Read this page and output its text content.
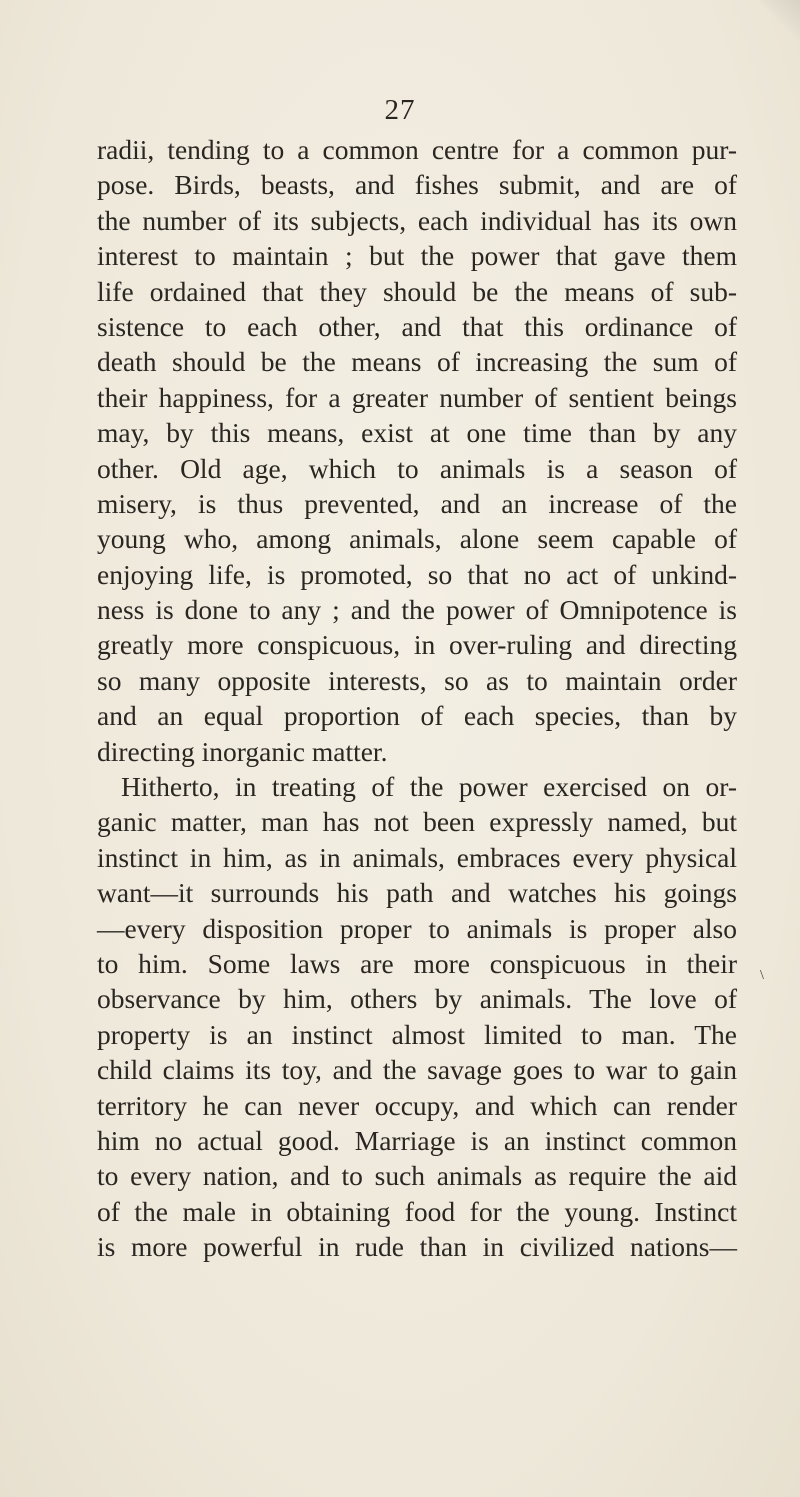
27
radii, tending to a common centre for a common pur-
pose. Birds, beasts, and fishes submit, and are of
the number of its subjects, each individual has its own
interest to maintain ; but the power that gave them
life ordained that they should be the means of sub-
sistence to each other, and that this ordinance of
death should be the means of increasing the sum of
their happiness, for a greater number of sentient beings
may, by this means, exist at one time than by any
other. Old age, which to animals is a season of
misery, is thus prevented, and an increase of the
young who, among animals, alone seem capable of
enjoying life, is promoted, so that no act of unkind-
ness is done to any ; and the power of Omnipotence is
greatly more conspicuous, in over-ruling and directing
so many opposite interests, so as to maintain order
and an equal proportion of each species, than by
directing inorganic matter.
Hitherto, in treating of the power exercised on or-
ganic matter, man has not been expressly named, but
instinct in him, as in animals, embraces every physical
want—it surrounds his path and watches his goings
—every disposition proper to animals is proper also
to him. Some laws are more conspicuous in their
observance by him, others by animals. The love of
property is an instinct almost limited to man. The
child claims its toy, and the savage goes to war to gain
territory he can never occupy, and which can render
him no actual good. Marriage is an instinct common
to every nation, and to such animals as require the aid
of the male in obtaining food for the young. Instinct
is more powerful in rude than in civilized nations—
\
